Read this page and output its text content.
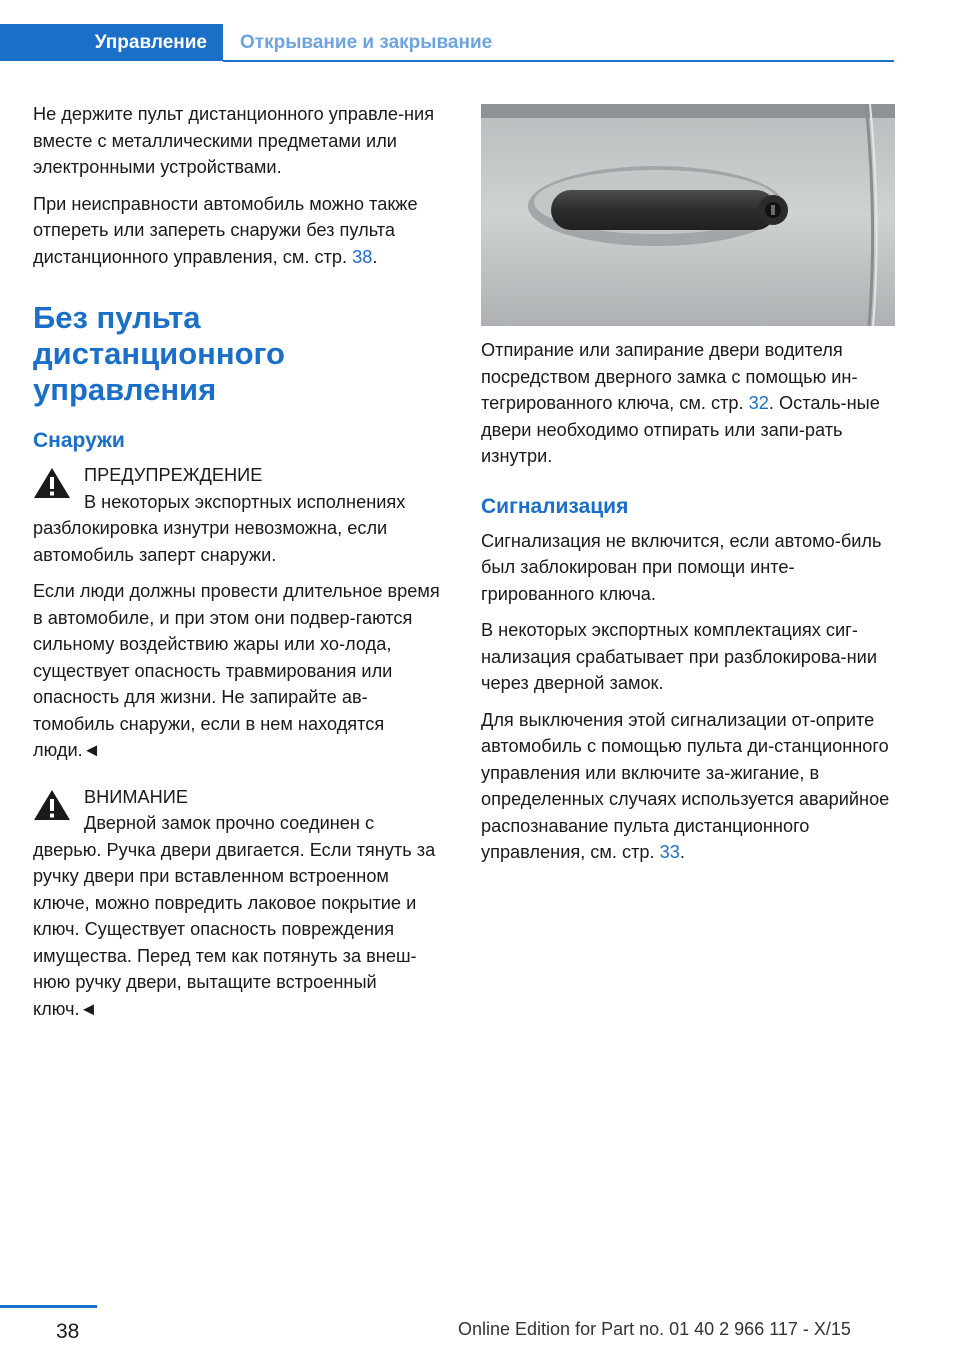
Управление Открывание и закрывание

Не держите пульт дистанционного управле-ния вместе с металлическими предметами или электронными устройствами.

При неисправности автомобиль можно также отпереть или запереть снаружи без пульта дистанционного управления, см. стр. 38.

Без пульта дистанционного управления
Снаружи
ПРЕДУПРЕЖДЕНИЕ
В некоторых экспортных исполнениях

разблокировка изнутри невозможна, если автомобиль заперт снаружи.

Если люди должны провести длительное время в автомобиле, и при этом они подвер-гаются сильному воздействию жары или хо-лода, существует опасность травмирования или опасность для жизни. Не запирайте ав-томобиль снаружи, если в нем находятся люди.◄

ВНИМАНИЕ
Дверной замок прочно соединен с

дверью. Ручка двери двигается. Если тянуть за ручку двери при вставленном встроенном ключе, можно повредить лаковое покрытие и ключ. Существует опасность повреждения имущества. Перед тем как потянуть за внеш-нюю ручку двери, вытащите встроенный ключ.◄

Отпирание или запирание двери водителя посредством дверного замка с помощью ин-тегрированного ключа, см. стр. 32. Осталь-ные двери необходимо отпирать или запи-рать изнутри.

Сигнализация

Сигнализация не включится, если автомо-биль был заблокирован при помощи инте-грированного ключа.

В некоторых экспортных комплектациях сиг-нализация срабатывает при разблокирова-нии через дверной замок.

Для выключения этой сигнализации от-оприте автомобиль с помощью пульта ди-станционного управления или включите за-жигание, в определенных случаях используется аварийное распознавание пульта дистанционного управления, см. стр. 33.

38	Online Edition for Part no. 01 40 2 966 117 - X/15
